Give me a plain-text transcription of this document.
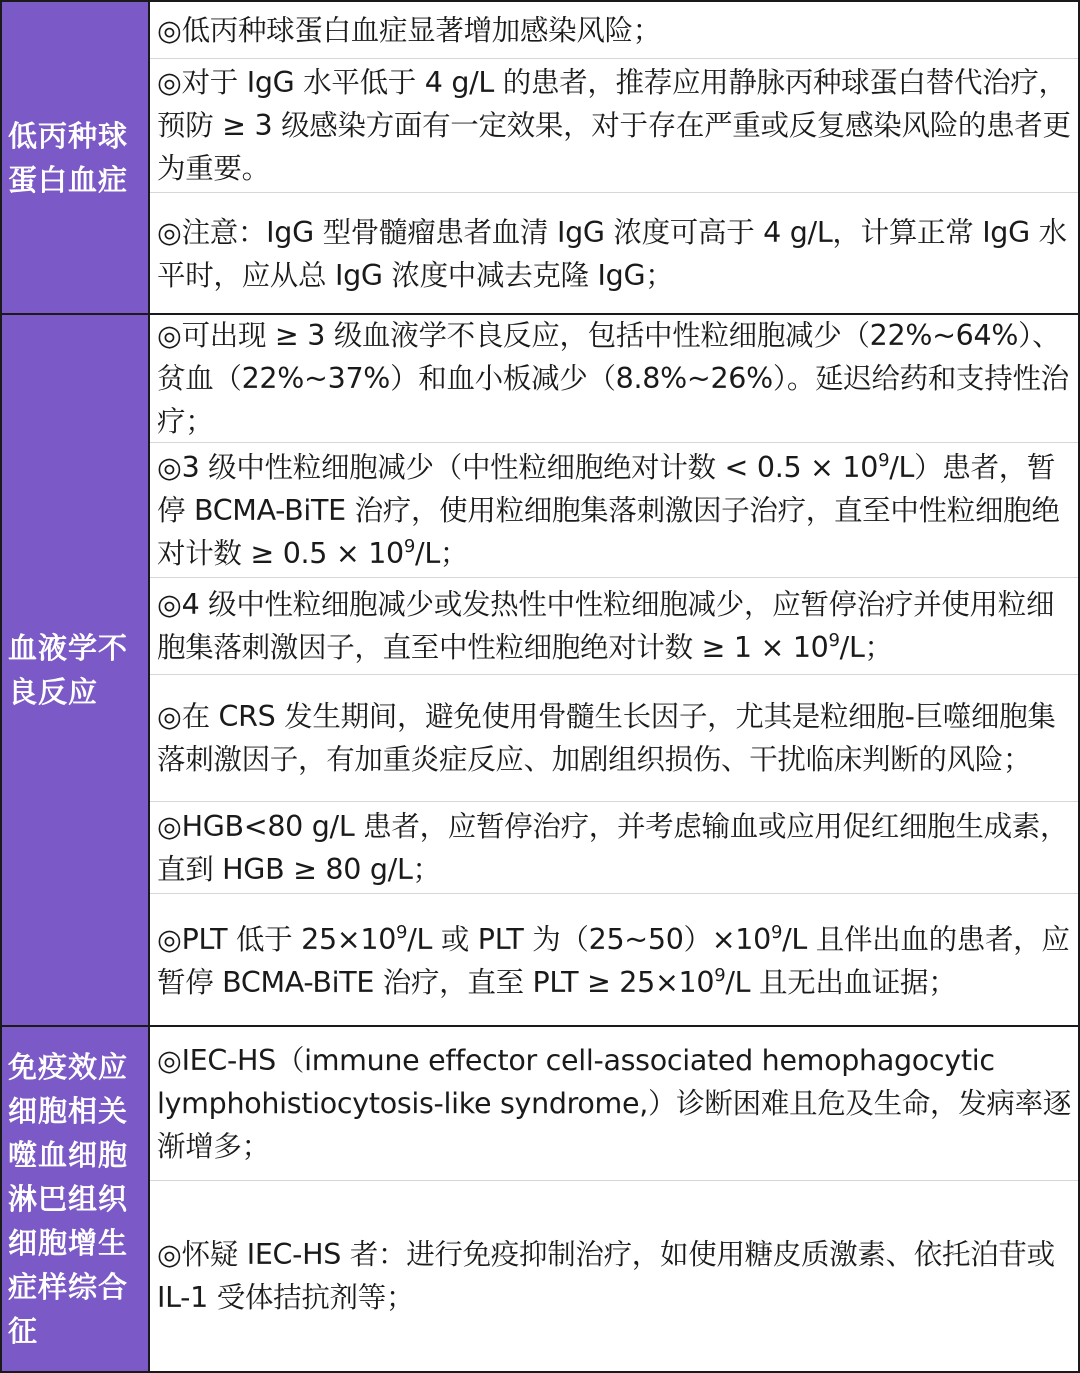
低丙种球蛋白血症

◎低丙种球蛋白血症显著增加感染风险；

◎对于 IgG 水平低于 4 g/L 的患者，推荐应用静脉丙种球蛋白替代治疗，预防 ≥ 3 级感染方面有一定效果，对于存在严重或反复感染风险的患者更为重要。

◎注意：IgG 型骨髓瘤患者血清 IgG 浓度可高于 4 g/L，计算正常 IgG 水平时，应从总 IgG 浓度中减去克隆 IgG；

血液学不良反应

◎可出现 ≥ 3 级血液学不良反应，包括中性粒细胞减少（22%~64%）、贫血（22%~37%）和血小板减少（8.8%~26%）。延迟给药和支持性治疗；

◎3 级中性粒细胞减少（中性粒细胞绝对计数 < $0.5 \times 10^9/L$）患者，暂停 BCMA-BiTE 治疗，使用粒细胞集落刺激因子治疗，直至中性粒细胞绝对计数 ≥ $0.5 \times 10^9/L$；

◎4 级中性粒细胞减少或发热性中性粒细胞减少，应暂停治疗并使用粒细胞集落刺激因子，直至中性粒细胞绝对计数 ≥ $1 \times 10^9/L$；

◎在 CRS 发生期间，避免使用骨髓生长因子，尤其是粒细胞-巨噬细胞集落刺激因子，有加重炎症反应、加剧组织损伤、干扰临床判断的风险；

◎HGB<80 g/L 患者，应暂停治疗，并考虑输血或应用促红细胞生成素，直到 HGB ≥ 80 g/L；

◎PLT 低于 $25\times 10^9/L$ 或 PLT 为$(25\sim 50)\times 10^9/L$ 且伴出血的患者，应暂停 BCMA-BiTE 治疗，直至 PLT ≥ $25\times 10^9/L$ 且无出血证据；

免疫效应细胞相关噬血细胞淋巴组织细胞增生症样综合征

◎IEC-HS（immune effector cell-associated hemophagocytic lymphohistiocytosis-like syndrome,）诊断困难且危及生命，发病率逐渐增多；

◎怀疑 IEC-HS 者：进行免疫抑制治疗，如使用糖皮质激素、依托泊苷或 IL-1 受体拮抗剂等；
